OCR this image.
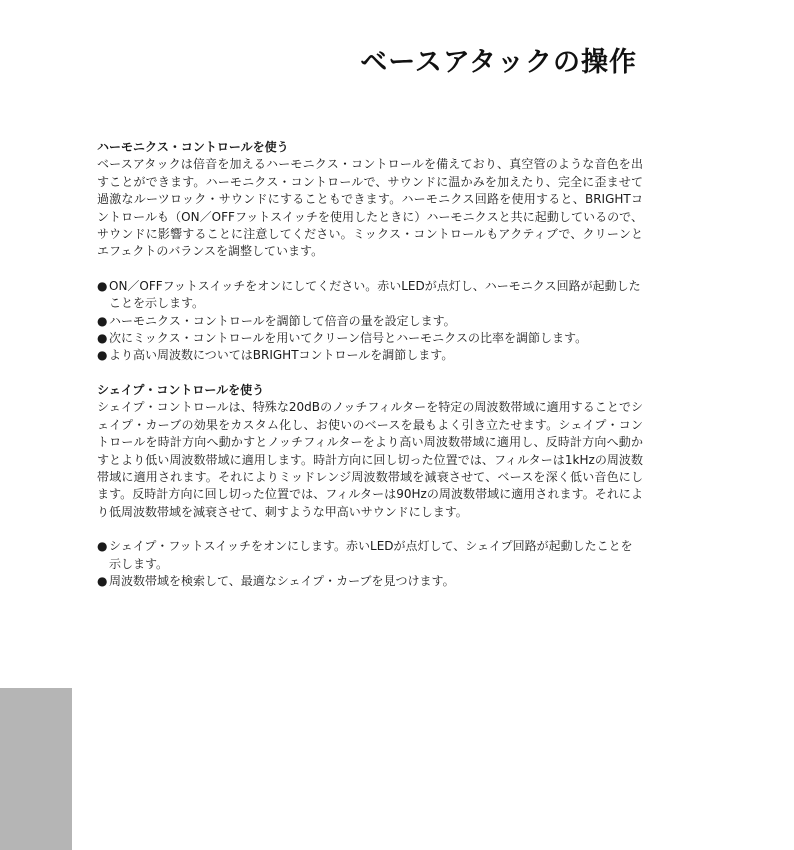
ベースアタックの操作

ハーモニクス・コントロールを使う

ベースアタックは倍音を加えるハーモニクス・コントロールを備えており、真空管のような音色を出すことができます。ハーモニクス・コントロールで、サウンドに温かみを加えたり、完全に歪ませて過激なルーツロック・サウンドにすることもできます。ハーモニクス回路を使用すると、BRIGHTコントロールも（ON／OFFフットスイッチを使用したときに）ハーモニクスと共に起動しているので、サウンドに影響することに注意してください。ミックス・コントロールもアクティブで、クリーンとエフェクトのバランスを調整しています。

● ON／OFFフットスイッチをオンにしてください。赤いLEDが点灯し、ハーモニクス回路が起動したことを示します。
● ハーモニクス・コントロールを調節して倍音の量を設定します。
● 次にミックス・コントロールを用いてクリーン信号とハーモニクスの比率を調節します。
● より高い周波数についてはBRIGHTコントロールを調節します。

シェイプ・コントロールを使う

シェイプ・コントロールは、特殊な20dBのノッチフィルターを特定の周波数帯域に適用することでシェイプ・カーブの効果をカスタム化し、お使いのベースを最もよく引き立たせます。シェイプ・コントロールを時計方向へ動かすとノッチフィルターをより高い周波数帯域に適用し、反時計方向へ動かすとより低い周波数帯域に適用します。時計方向に回し切った位置では、フィルターは1kHzの周波数帯域に適用されます。それによりミッドレンジ周波数帯域を減衰させて、ベースを深く低い音色にします。反時計方向に回し切った位置では、フィルターは90Hzの周波数帯域に適用されます。それにより低周波数帯域を減衰させて、刺すような甲高いサウンドにします。

● シェイプ・フットスイッチをオンにします。赤いLEDが点灯して、シェイプ回路が起動したことを示します。
● 周波数帯域を検索して、最適なシェイプ・カーブを見つけます。
